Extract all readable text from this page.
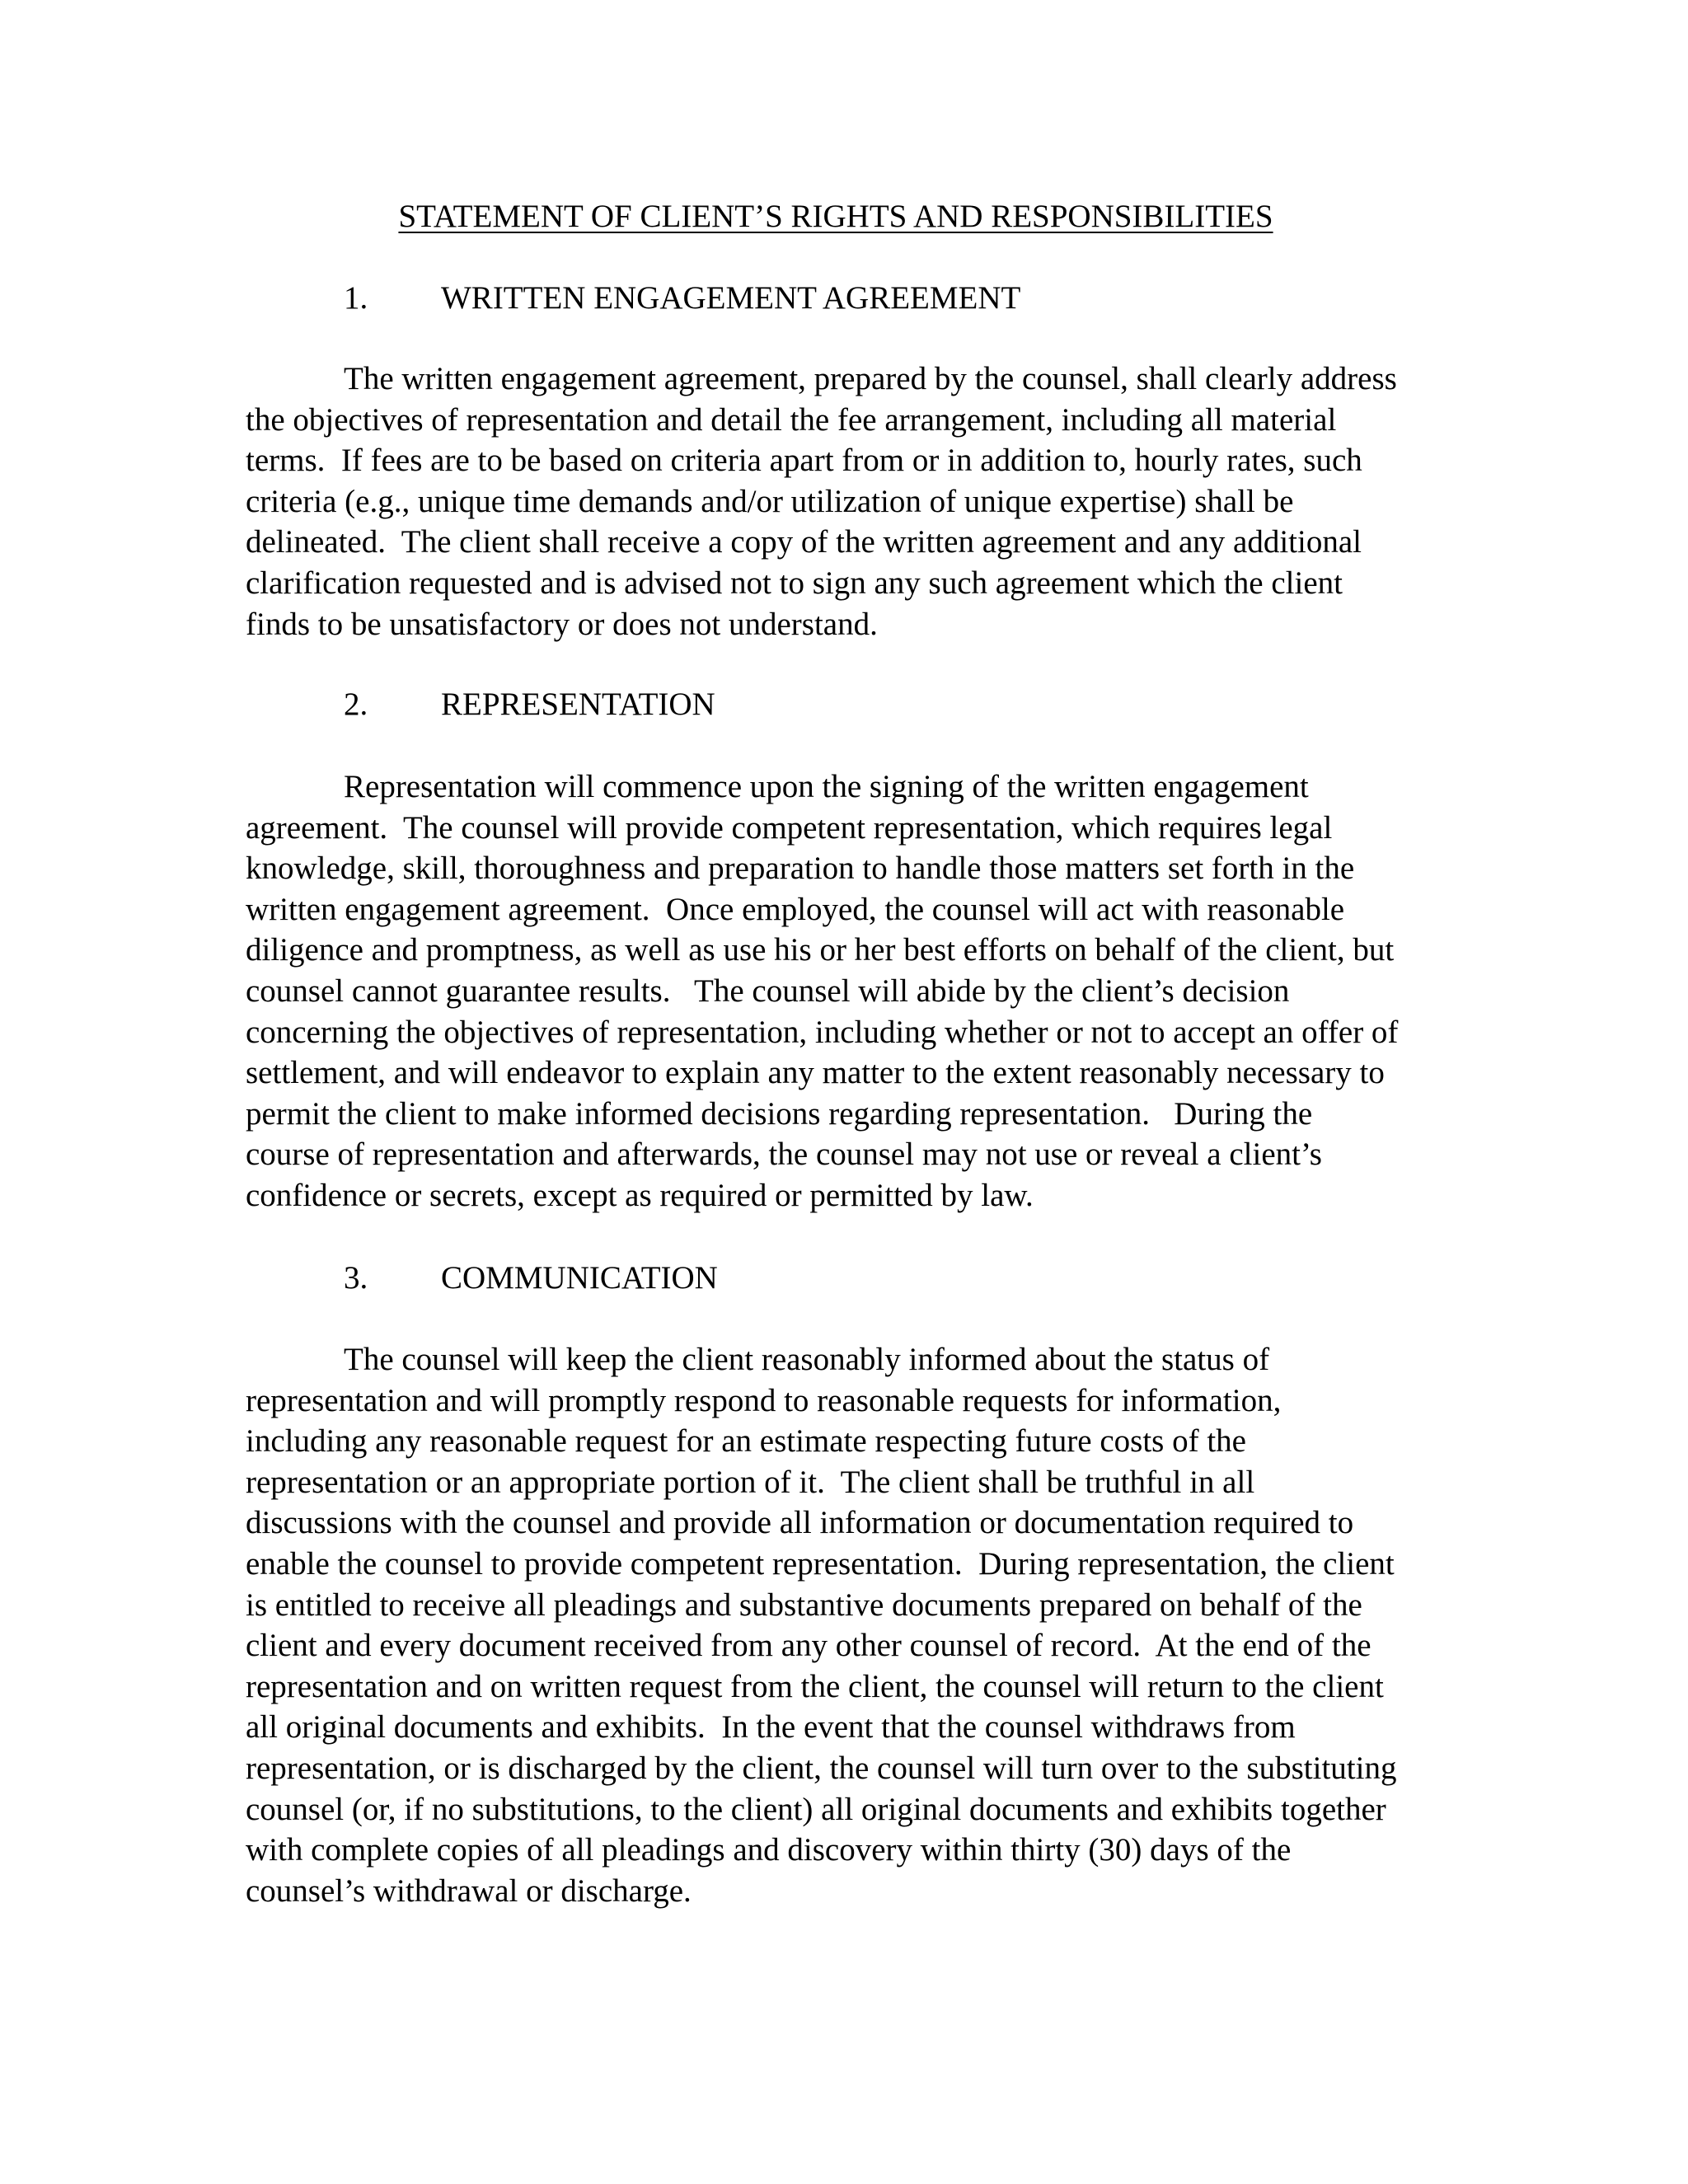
STATEMENT OF CLIENT’S RIGHTS AND RESPONSIBILITIES
1. WRITTEN ENGAGEMENT AGREEMENT
The written engagement agreement, prepared by the counsel, shall clearly address
the objectives of representation and detail the fee arrangement, including all material
terms.  If fees are to be based on criteria apart from or in addition to, hourly rates, such
criteria (e.g., unique time demands and/or utilization of unique expertise) shall be
delineated.  The client shall receive a copy of the written agreement and any additional
clarification requested and is advised not to sign any such agreement which the client
finds to be unsatisfactory or does not understand.
2. REPRESENTATION
Representation will commence upon the signing of the written engagement
agreement.  The counsel will provide competent representation, which requires legal
knowledge, skill, thoroughness and preparation to handle those matters set forth in the
written engagement agreement.  Once employed, the counsel will act with reasonable
diligence and promptness, as well as use his or her best efforts on behalf of the client, but
counsel cannot guarantee results.   The counsel will abide by the client’s decision
concerning the objectives of representation, including whether or not to accept an offer of
settlement, and will endeavor to explain any matter to the extent reasonably necessary to
permit the client to make informed decisions regarding representation.   During the
course of representation and afterwards, the counsel may not use or reveal a client’s
confidence or secrets, except as required or permitted by law.
3. COMMUNICATION
The counsel will keep the client reasonably informed about the status of
representation and will promptly respond to reasonable requests for information,
including any reasonable request for an estimate respecting future costs of the
representation or an appropriate portion of it.  The client shall be truthful in all
discussions with the counsel and provide all information or documentation required to
enable the counsel to provide competent representation.  During representation, the client
is entitled to receive all pleadings and substantive documents prepared on behalf of the
client and every document received from any other counsel of record.  At the end of the
representation and on written request from the client, the counsel will return to the client
all original documents and exhibits.  In the event that the counsel withdraws from
representation, or is discharged by the client, the counsel will turn over to the substituting
counsel (or, if no substitutions, to the client) all original documents and exhibits together
with complete copies of all pleadings and discovery within thirty (30) days of the
counsel’s withdrawal or discharge.
